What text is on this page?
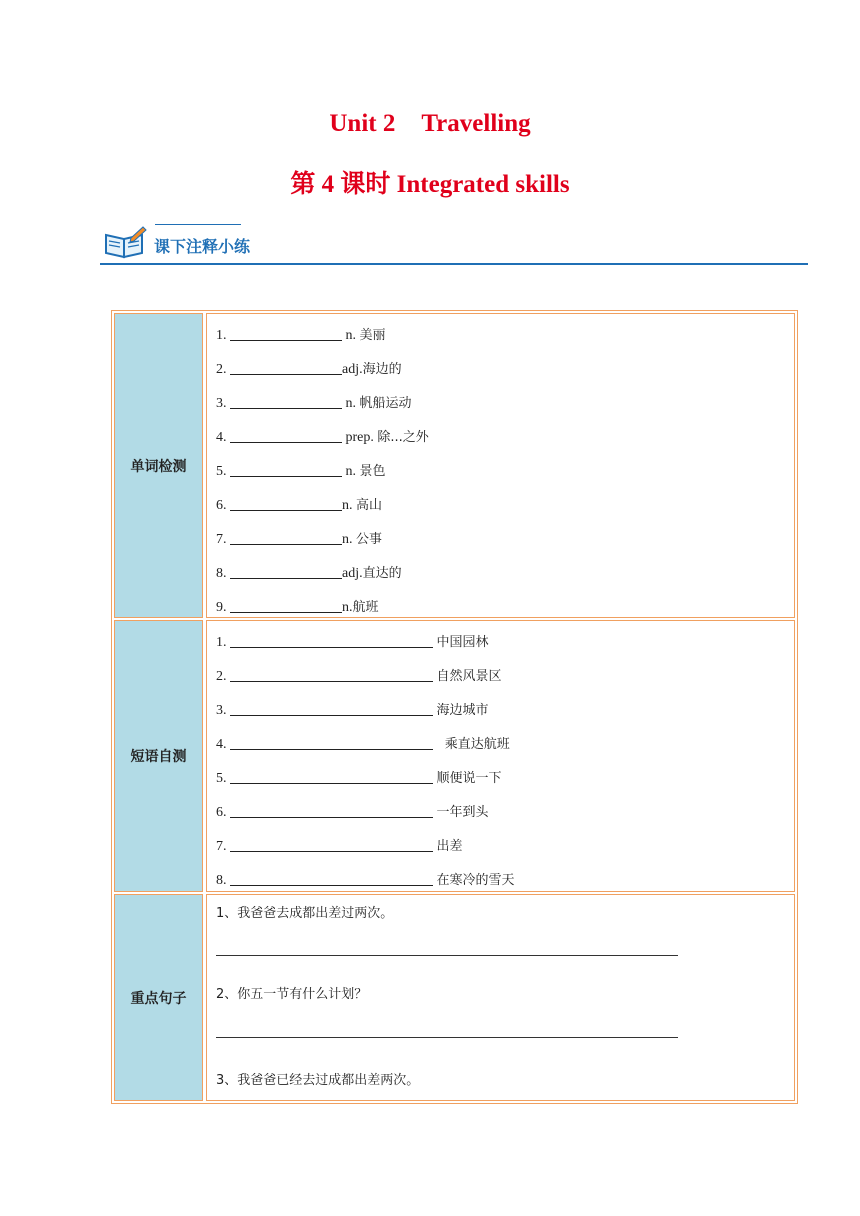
Unit 2 Travelling
第 4 课时 Integrated skills
课下注释小练
单词检测
1.	n. 美丽
2.	adj.海边的
3.	n. 帆船运动
4.	prep. 除...之外
5.	n. 景色
6.	n. 高山
7.	n. 公事
8.	adj.直达的
9.	n.航班
短语自测
1.	中国园林
2.	自然风景区
3.	海边城市
4.	乘直达航班
5.	顺便说一下
6.	一年到头
7.	出差
8.	在寒冷的雪天
重点句子
1、我爸爸去成都出差过两次。
2、你五一节有什么计划？
3、我爸爸已经去过成都出差两次。
